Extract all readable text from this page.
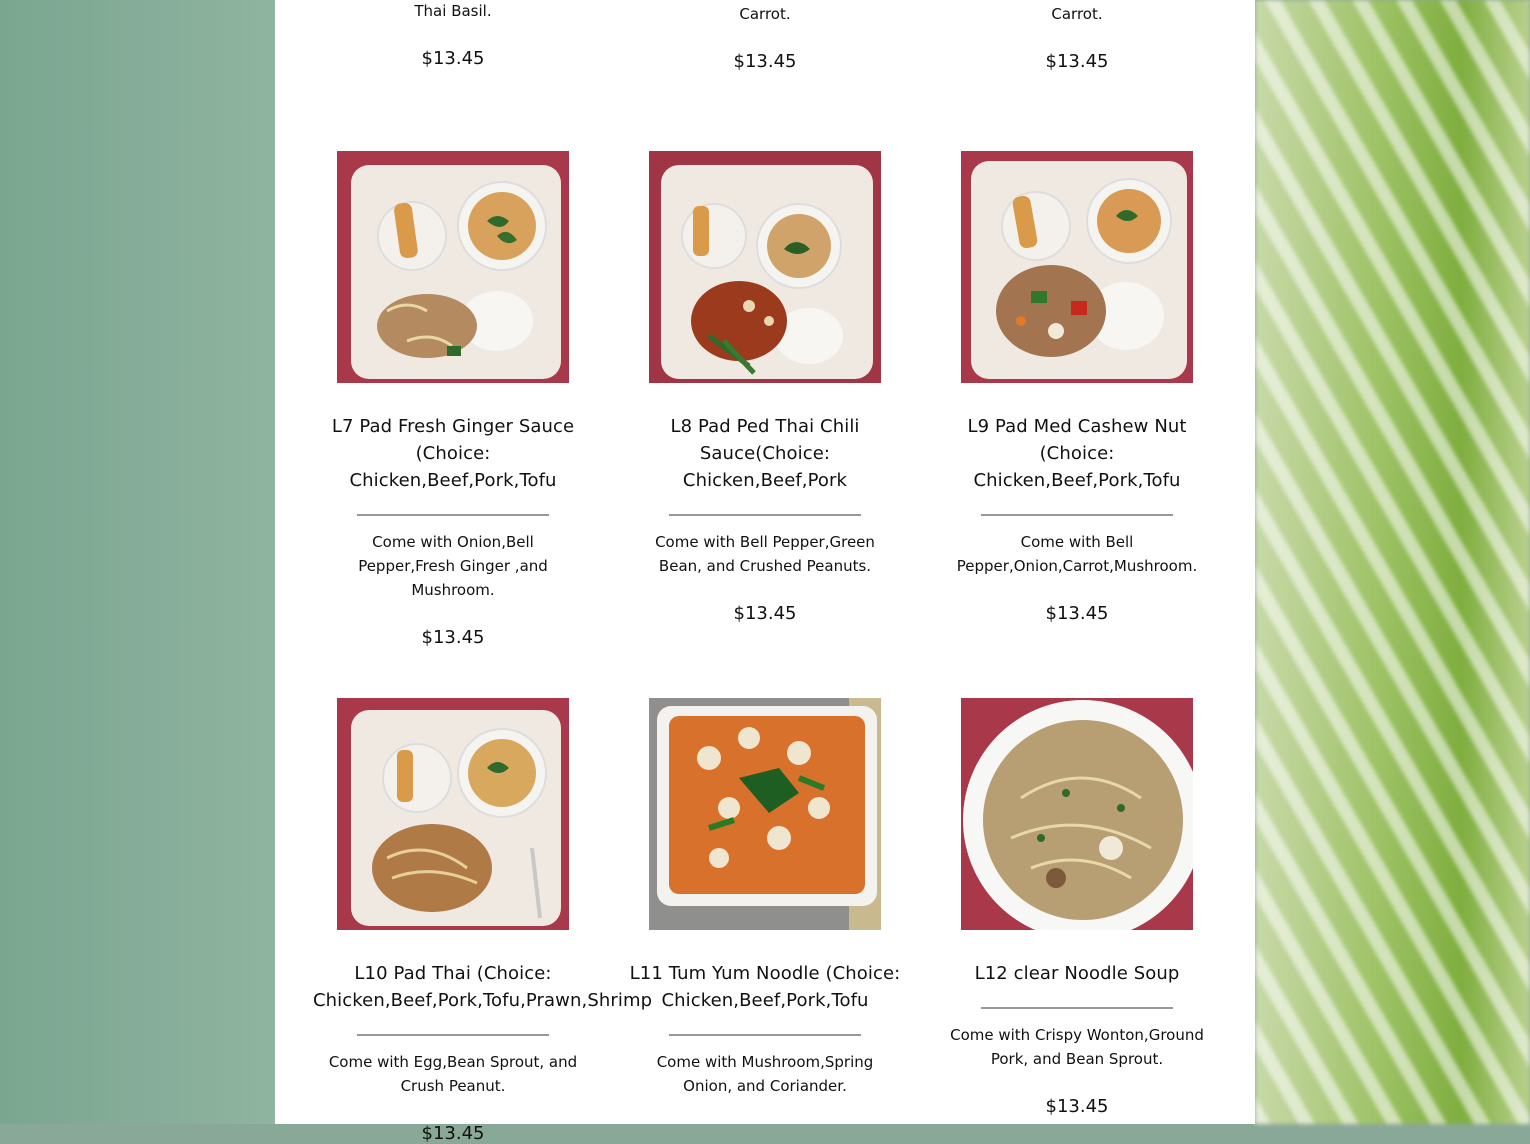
Thai Basil.
$13.45
Carrot.
$13.45
Carrot.
$13.45
L7 Pad Fresh Ginger Sauce (Choice: Chicken,Beef,Pork,Tofu
Come with Onion,Bell Pepper,Fresh Ginger ,and Mushroom.
$13.45
L8 Pad Ped Thai Chili Sauce(Choice: Chicken,Beef,Pork
Come with Bell Pepper,Green Bean, and Crushed Peanuts.
$13.45
L9 Pad Med Cashew Nut (Choice: Chicken,Beef,Pork,Tofu
Come with Bell Pepper,Onion,Carrot,Mushroom.
$13.45
L10 Pad Thai (Choice: Chicken,Beef,Pork,Tofu,Prawn,Shrimp
Come with Egg,Bean Sprout, and Crush Peanut.
$13.45
L11 Tum Yum Noodle (Choice: Chicken,Beef,Pork,Tofu
Come with Mushroom,Spring Onion, and Coriander.
L12 clear Noodle Soup
Come with Crispy Wonton,Ground Pork, and Bean Sprout.
$13.45
